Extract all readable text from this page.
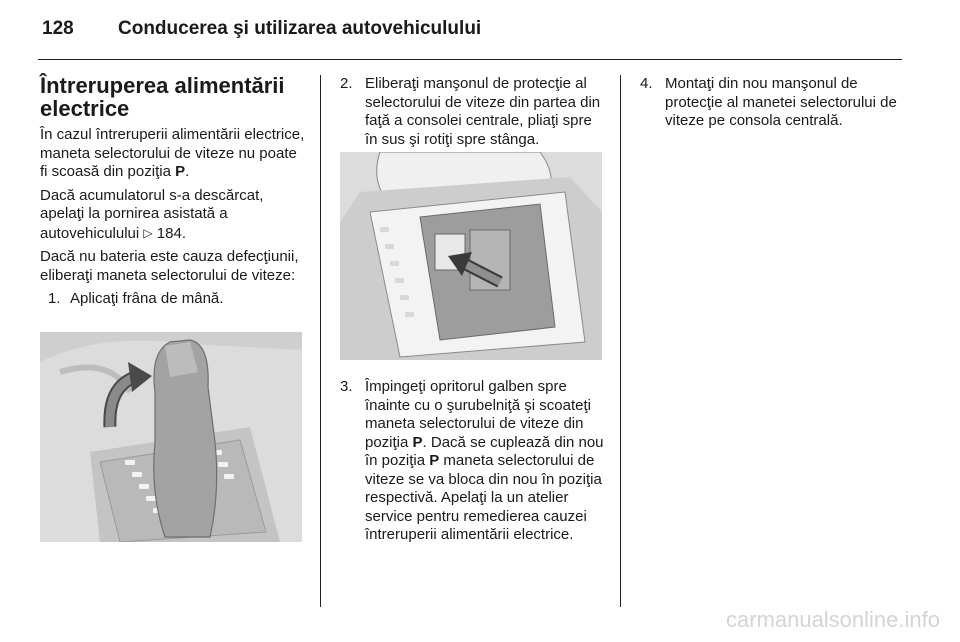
128 Conducerea şi utilizarea autovehiculului
Întreruperea alimentării electrice

În cazul întreruperii alimentării electrice, maneta selectorului de viteze nu poate fi scoasă din poziţia P.

Dacă acumulatorul s-a descărcat, apelaţi la pornirea asistată a autovehiculului ▷ 184.

Dacă nu bateria este cauza defecţiunii, eliberaţi maneta selectorului de viteze:

1. Aplicaţi frâna de mână.
2. Eliberaţi manşonul de protecţie al selectorului de viteze din partea din faţă a consolei centrale, pliaţi spre în sus şi rotiţi spre stânga.
3. Împingeţi opritorul galben spre înainte cu o şurubelniţă şi scoateţi maneta selectorului de viteze din poziţia P. Dacă se cuplează din nou în poziţia P maneta selectorului de viteze se va bloca din nou în poziţia respectivă. Apelaţi la un atelier service pentru remedierea cauzei întreruperii alimentării electrice.
4. Montaţi din nou manşonul de protecţie al manetei selectorului de viteze pe consola centrală.
carmanualsonline.info
